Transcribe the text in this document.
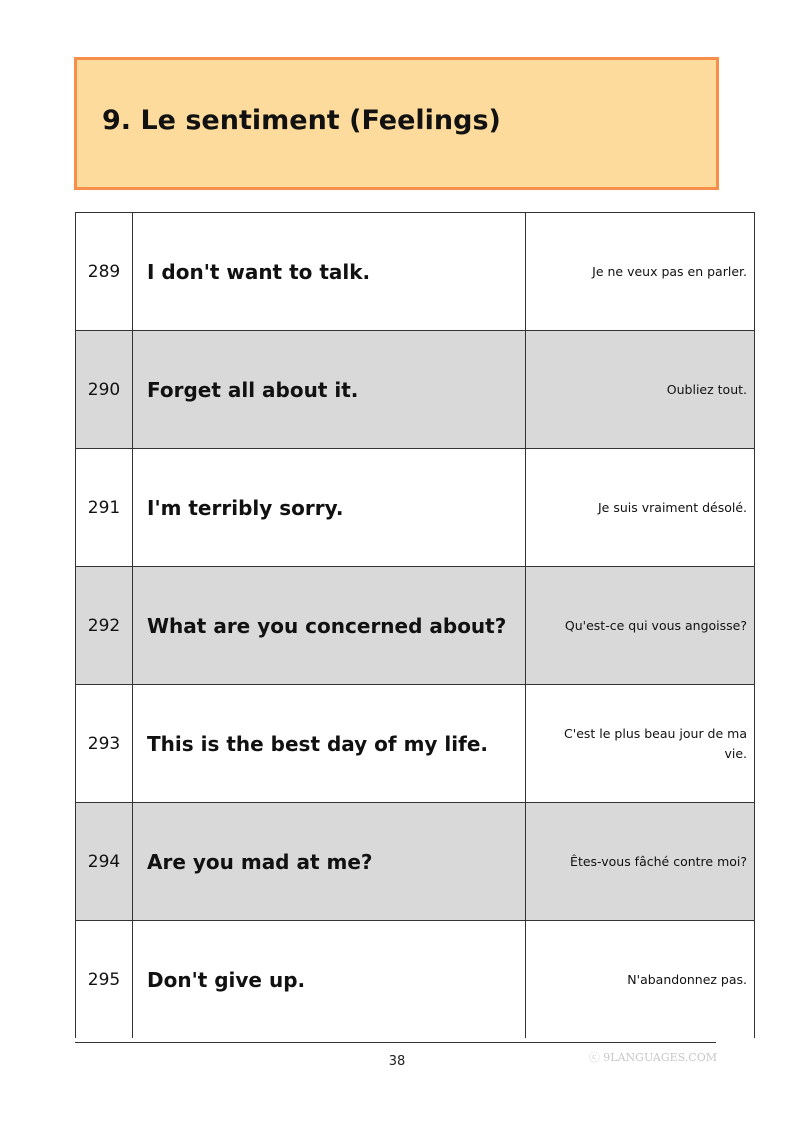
9. Le sentiment (Feelings)
289	I don't want to talk.	Je ne veux pas en parler.
290	Forget all about it.	Oubliez tout.
291	I'm terribly sorry.	Je suis vraiment désolé.
292	What are you concerned about?	Qu'est-ce qui vous angoisse?
293	This is the best day of my life.	C'est le plus beau jour de ma vie.
294	Are you mad at me?	Êtes-vous fâché contre moi?
295	Don't give up.	N'abandonnez pas.
38	ⓒ 9LANGUAGES.COM
